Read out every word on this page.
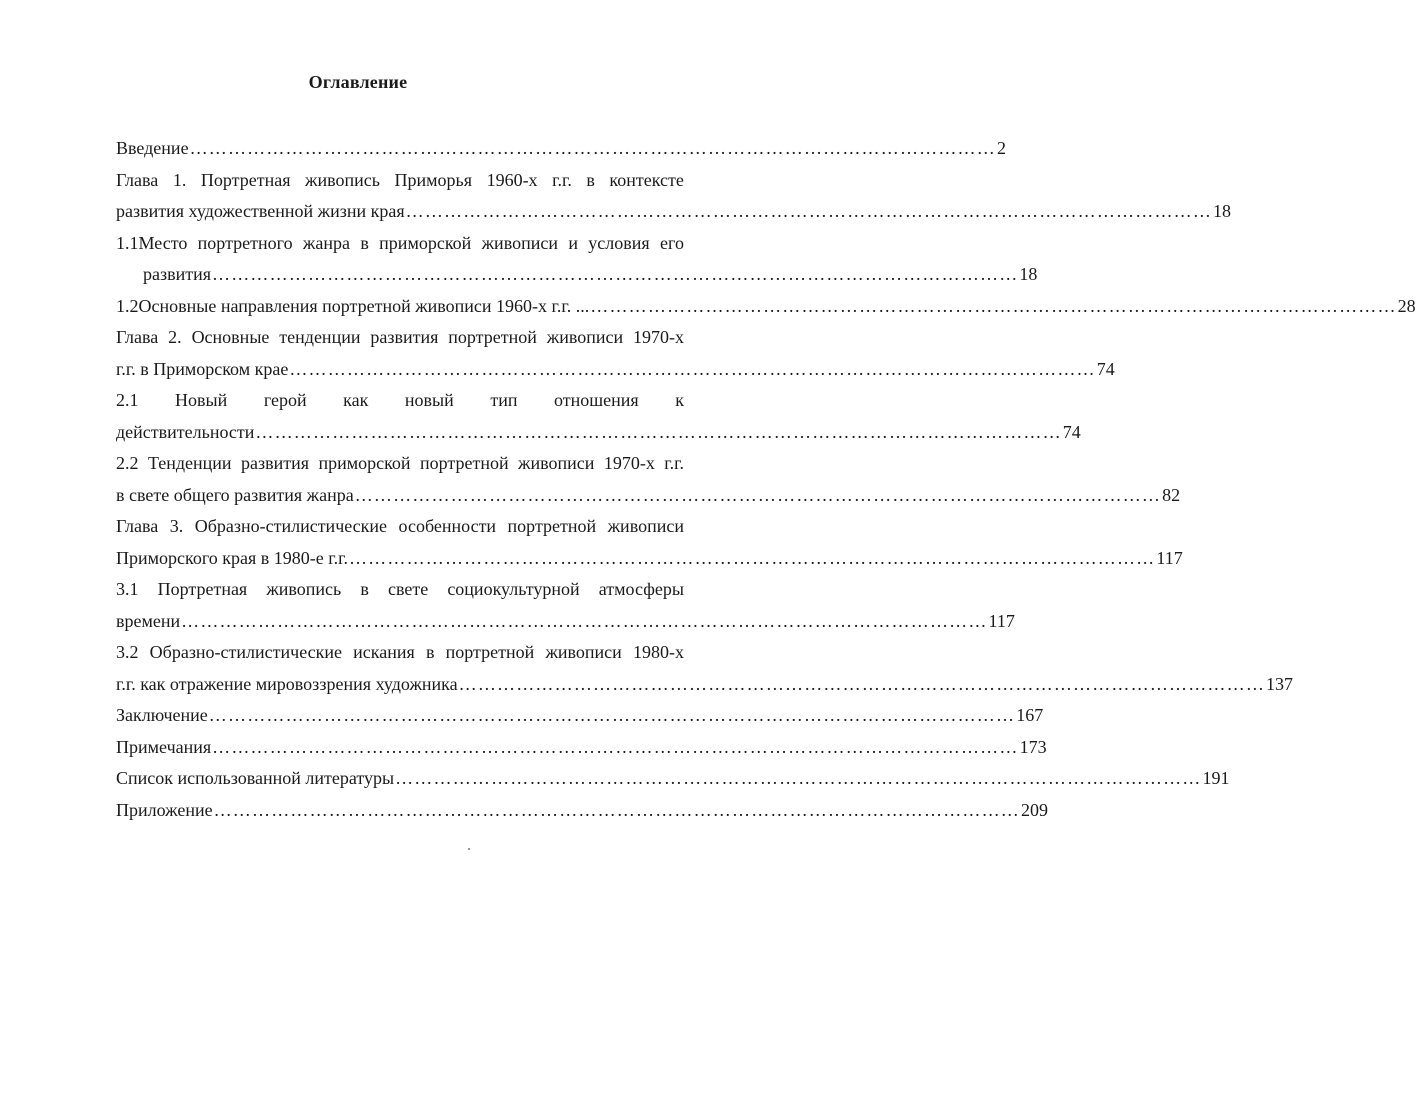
Оглавление
Введение ……………………………………………………………………………………………………………… 2
Глава 1. Портретная живопись Приморья 1960-х г.г. в контексте
развития художественной жизни края ……………………………………………………………………………………………………………… 18
1.1Место портретного жанра в приморской живописи и условия его
развития ……………………………………………………………………………………………………………… 18
1.2Основные направления портретной живописи 1960-х г.г. ... ……………………………………………………………………………………………………………… 28
Глава 2. Основные тенденции развития портретной живописи 1970-х
г.г. в Приморском крае ……………………………………………………………………………………………………………… 74
2.1 Новый герой как новый тип отношения к
действительности ……………………………………………………………………………………………………………… 74
2.2 Тенденции развития приморской портретной живописи 1970-х г.г.
в свете общего развития жанра ……………………………………………………………………………………………………………… 82
Глава 3. Образно-стилистические особенности портретной живописи
Приморского края в 1980-е г.г. ……………………………………………………………………………………………………………… 117
3.1 Портретная живопись в свете социокультурной атмосферы
времени ……………………………………………………………………………………………………………… 117
3.2 Образно-стилистические искания в портретной живописи 1980-х
г.г. как отражение мировоззрения художника ……………………………………………………………………………………………………………… 137
Заключение ……………………………………………………………………………………………………………… 167
Примечания ……………………………………………………………………………………………………………… 173
Список использованной литературы ……………………………………………………………………………………………………………… 191
Приложение ……………………………………………………………………………………………………………… 209
